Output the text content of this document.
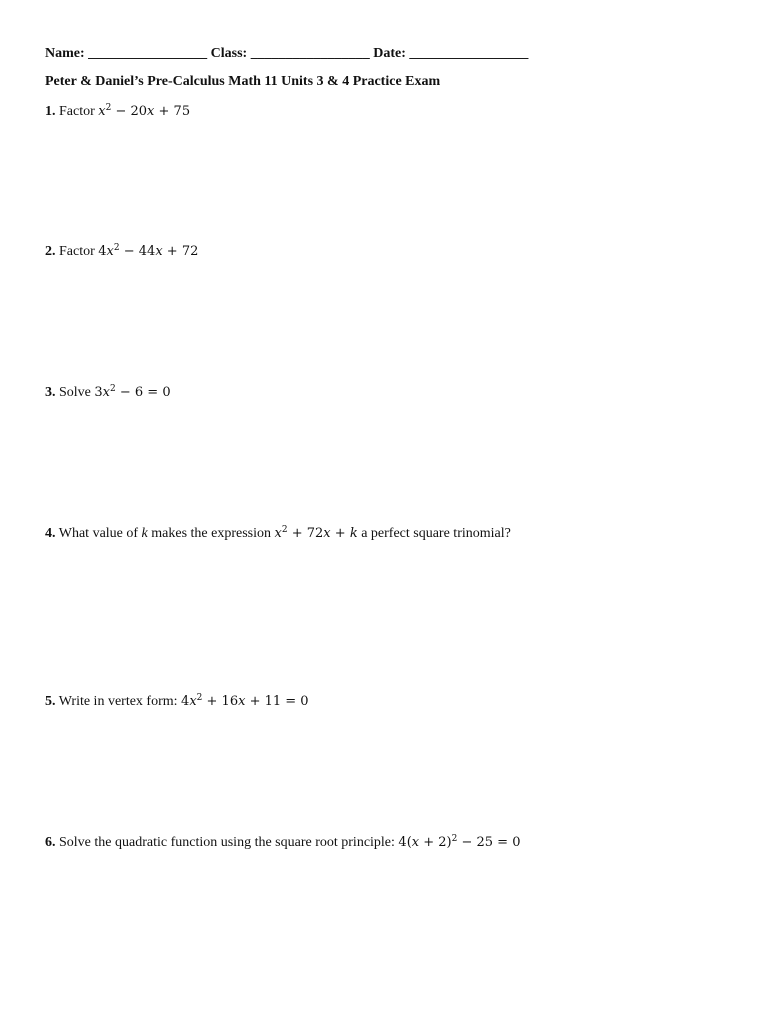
Name: _________________ Class: _________________ Date: _________________
Peter & Daniel’s Pre-Calculus Math 11 Units 3 & 4 Practice Exam
1. Factor $x^2 - 20x + 75$
2. Factor $4x^2 - 44x + 72$
3. Solve $3x^2 - 6 = 0$
4. What value of k makes the expression $x^2 + 72x + k$ a perfect square trinomial?
5. Write in vertex form: $4x^2 + 16x + 11 = 0$
6. Solve the quadratic function using the square root principle: $4(x + 2)^2 - 25 = 0$
